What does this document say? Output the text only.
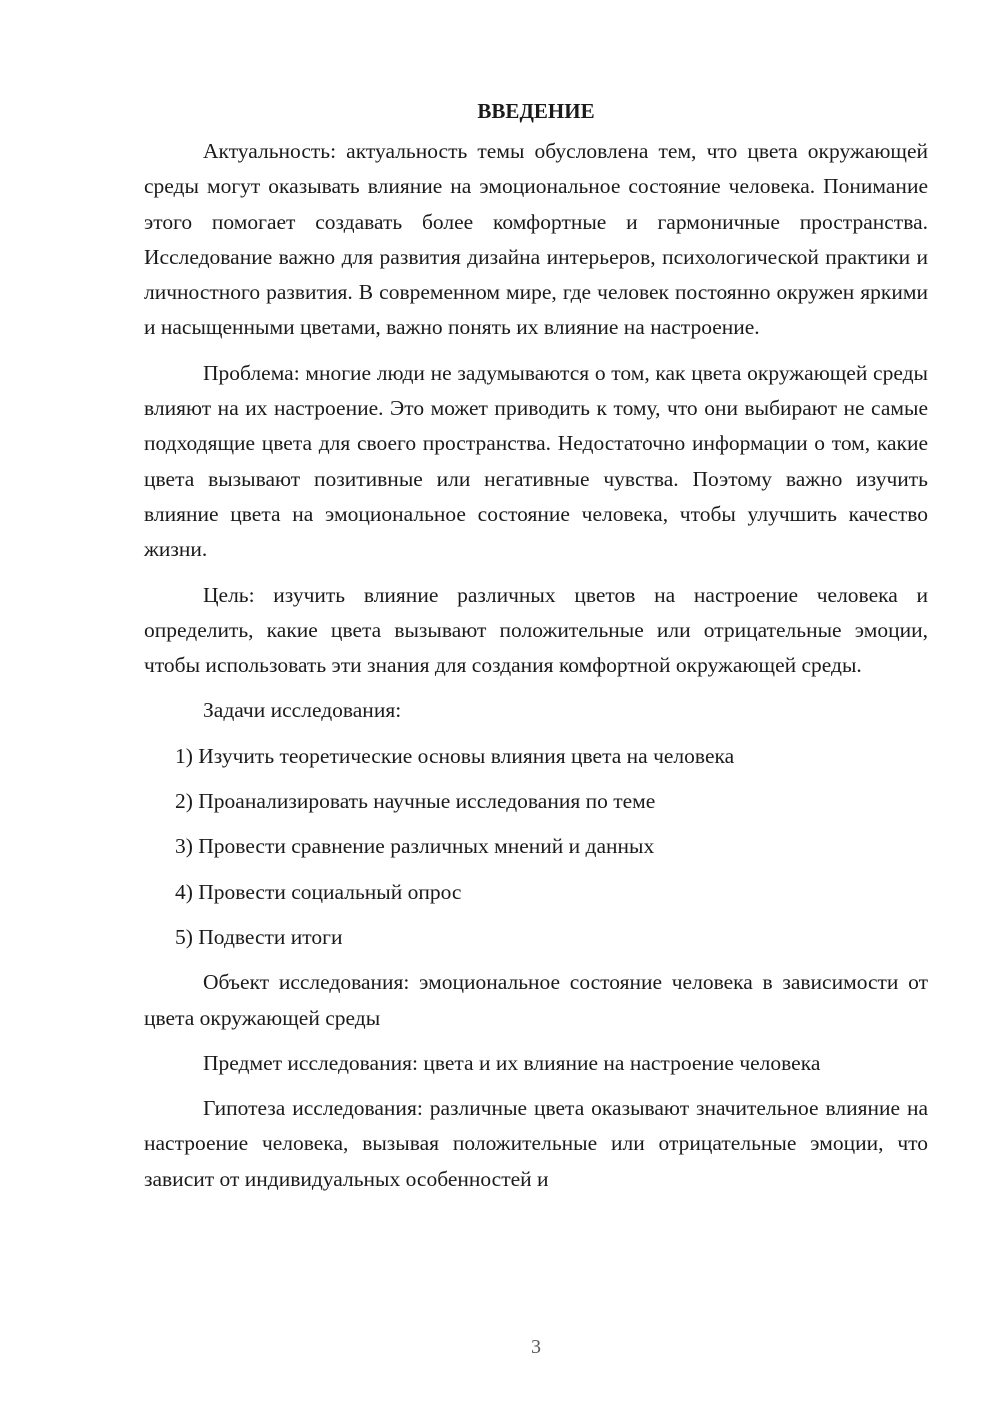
ВВЕДЕНИЕ

Актуальность: актуальность темы обусловлена тем, что цвета окружающей среды могут оказывать влияние на эмоциональное состояние человека. Понимание этого помогает создавать более комфортные и гармоничные пространства. Исследование важно для развития дизайна интерьеров, психологической практики и личностного развития. В современном мире, где человек постоянно окружен яркими и насыщенными цветами, важно понять их влияние на настроение.

Проблема: многие люди не задумываются о том, как цвета окружающей среды влияют на их настроение. Это может приводить к тому, что они выбирают не самые подходящие цвета для своего пространства. Недостаточно информации о том, какие цвета вызывают позитивные или негативные чувства. Поэтому важно изучить влияние цвета на эмоциональное состояние человека, чтобы улучшить качество жизни.

Цель: изучить влияние различных цветов на настроение человека и определить, какие цвета вызывают положительные или отрицательные эмоции, чтобы использовать эти знания для создания комфортной окружающей среды.

Задачи исследования:
1) Изучить теоретические основы влияния цвета на человека
2) Проанализировать научные исследования по теме
3) Провести сравнение различных мнений и данных
4) Провести социальный опрос
5) Подвести итоги

Объект исследования: эмоциональное состояние человека в зависимости от цвета окружающей среды

Предмет исследования: цвета и их влияние на настроение человека

Гипотеза исследования: различные цвета оказывают значительное влияние на настроение человека, вызывая положительные или отрицательные эмоции, что зависит от индивидуальных особенностей и

3
